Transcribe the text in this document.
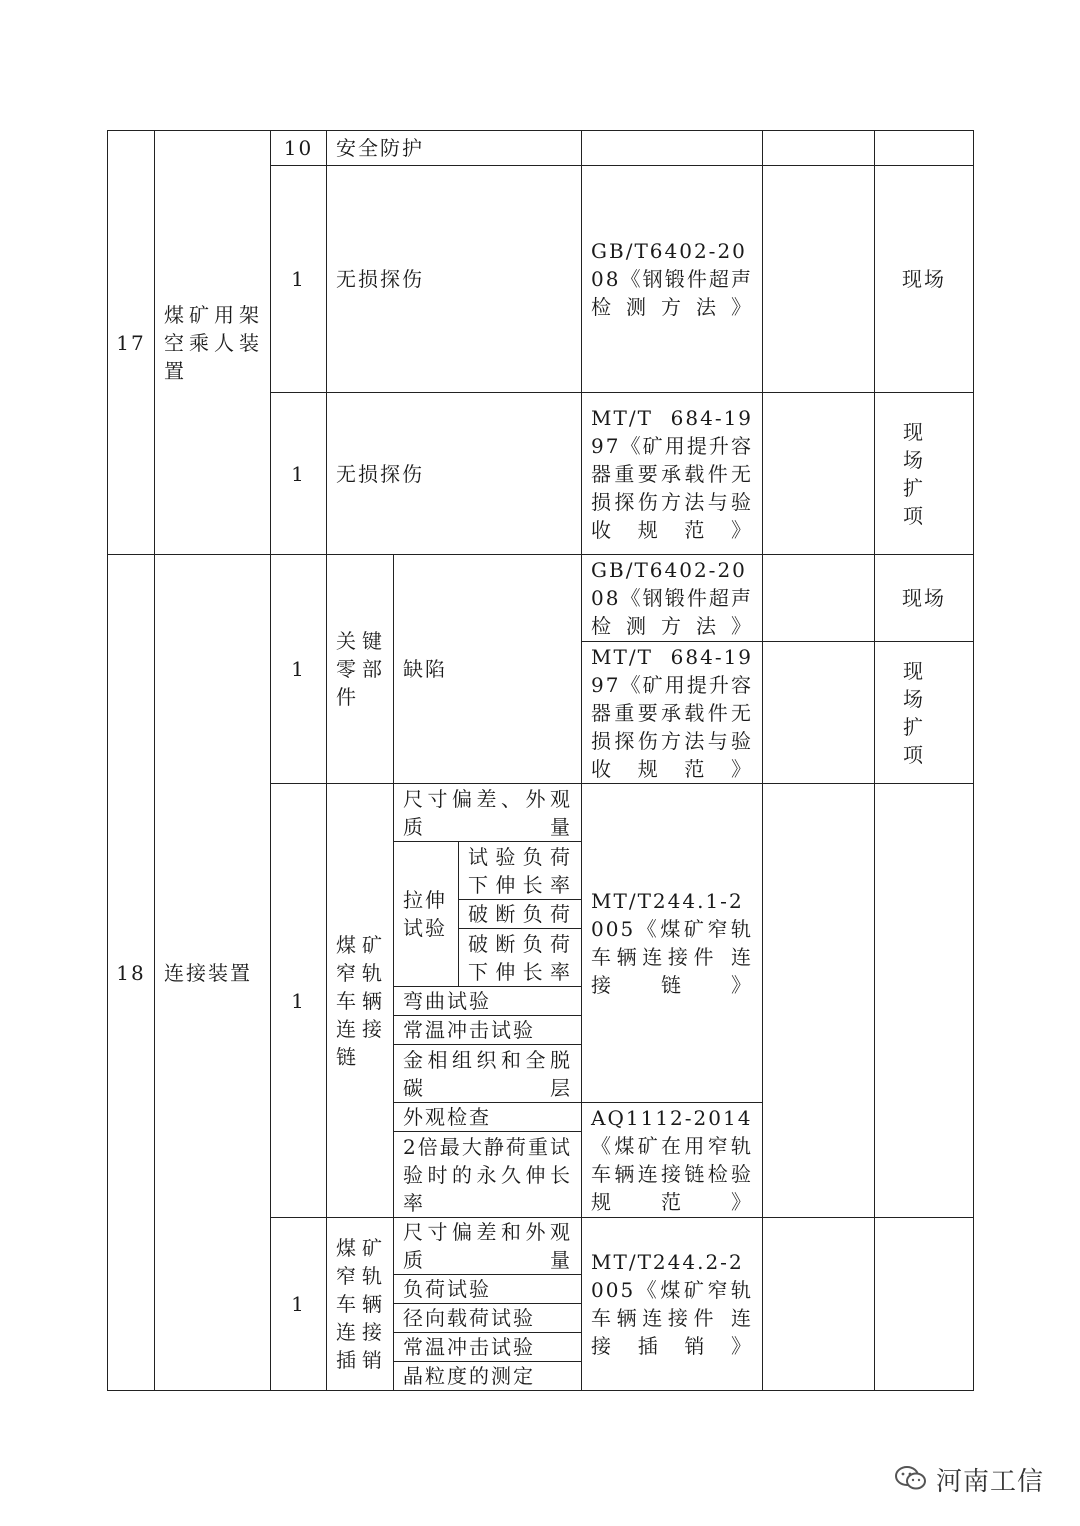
17	煤矿用架空乘人装置	10	安全防护					
		1	无损探伤			GB/T6402-2008《钢锻件超声检测方法》		现场
		1	无损探伤			MT/T 684-1997《矿用提升容器重要承载件无损探伤方法与验收规范》		现场扩项

18	连接装置	1	关键零部件	缺陷		GB/T6402-2008《钢锻件超声检测方法》		现场
						MT/T 684-1997《矿用提升容器重要承载件无损探伤方法与验收规范》		现场扩项

		1	煤矿窄轨车辆连接链	尺寸偏差、外观质量		MT/T244.1-2005《煤矿窄轨车辆连接件 连接链》		
				拉伸试验	试验负荷下伸长率			
					破断负荷			
					破断负荷下伸长率			
				弯曲试验				
				常温冲击试验				
				金相组织和全脱碳层				
				外观检查		AQ1112-2014《煤矿在用窄轨车辆连接链检验规范》		
				2倍最大静荷重试验时的永久伸长率				

		1	煤矿窄轨车辆连接插销	尺寸偏差和外观质量		MT/T244.2-2005《煤矿窄轨车辆连接件 连接插销》		
				负荷试验				
				径向载荷试验				
				常温冲击试验				
				晶粒度的测定				
河南工信
